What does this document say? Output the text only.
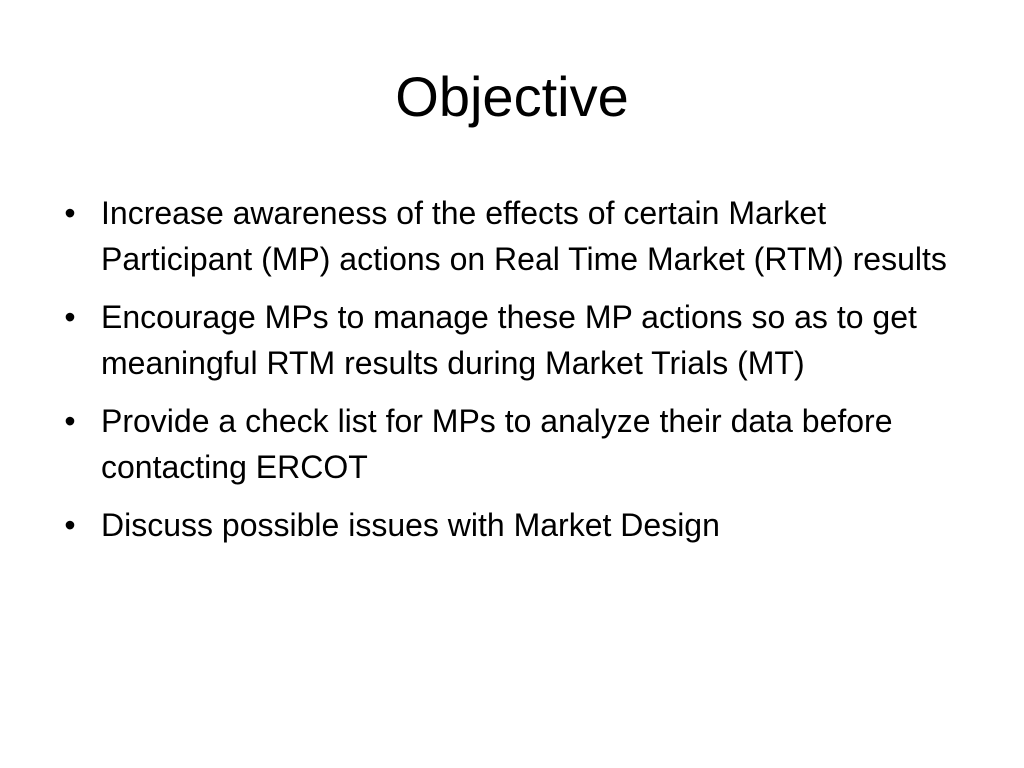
Objective
• Increase awareness of the effects of certain Market Participant (MP) actions on Real Time Market (RTM) results
• Encourage MPs to manage these MP actions so as to get meaningful RTM results during Market Trials (MT)
• Provide a check list for MPs to analyze their data before contacting ERCOT
• Discuss possible issues with Market Design
